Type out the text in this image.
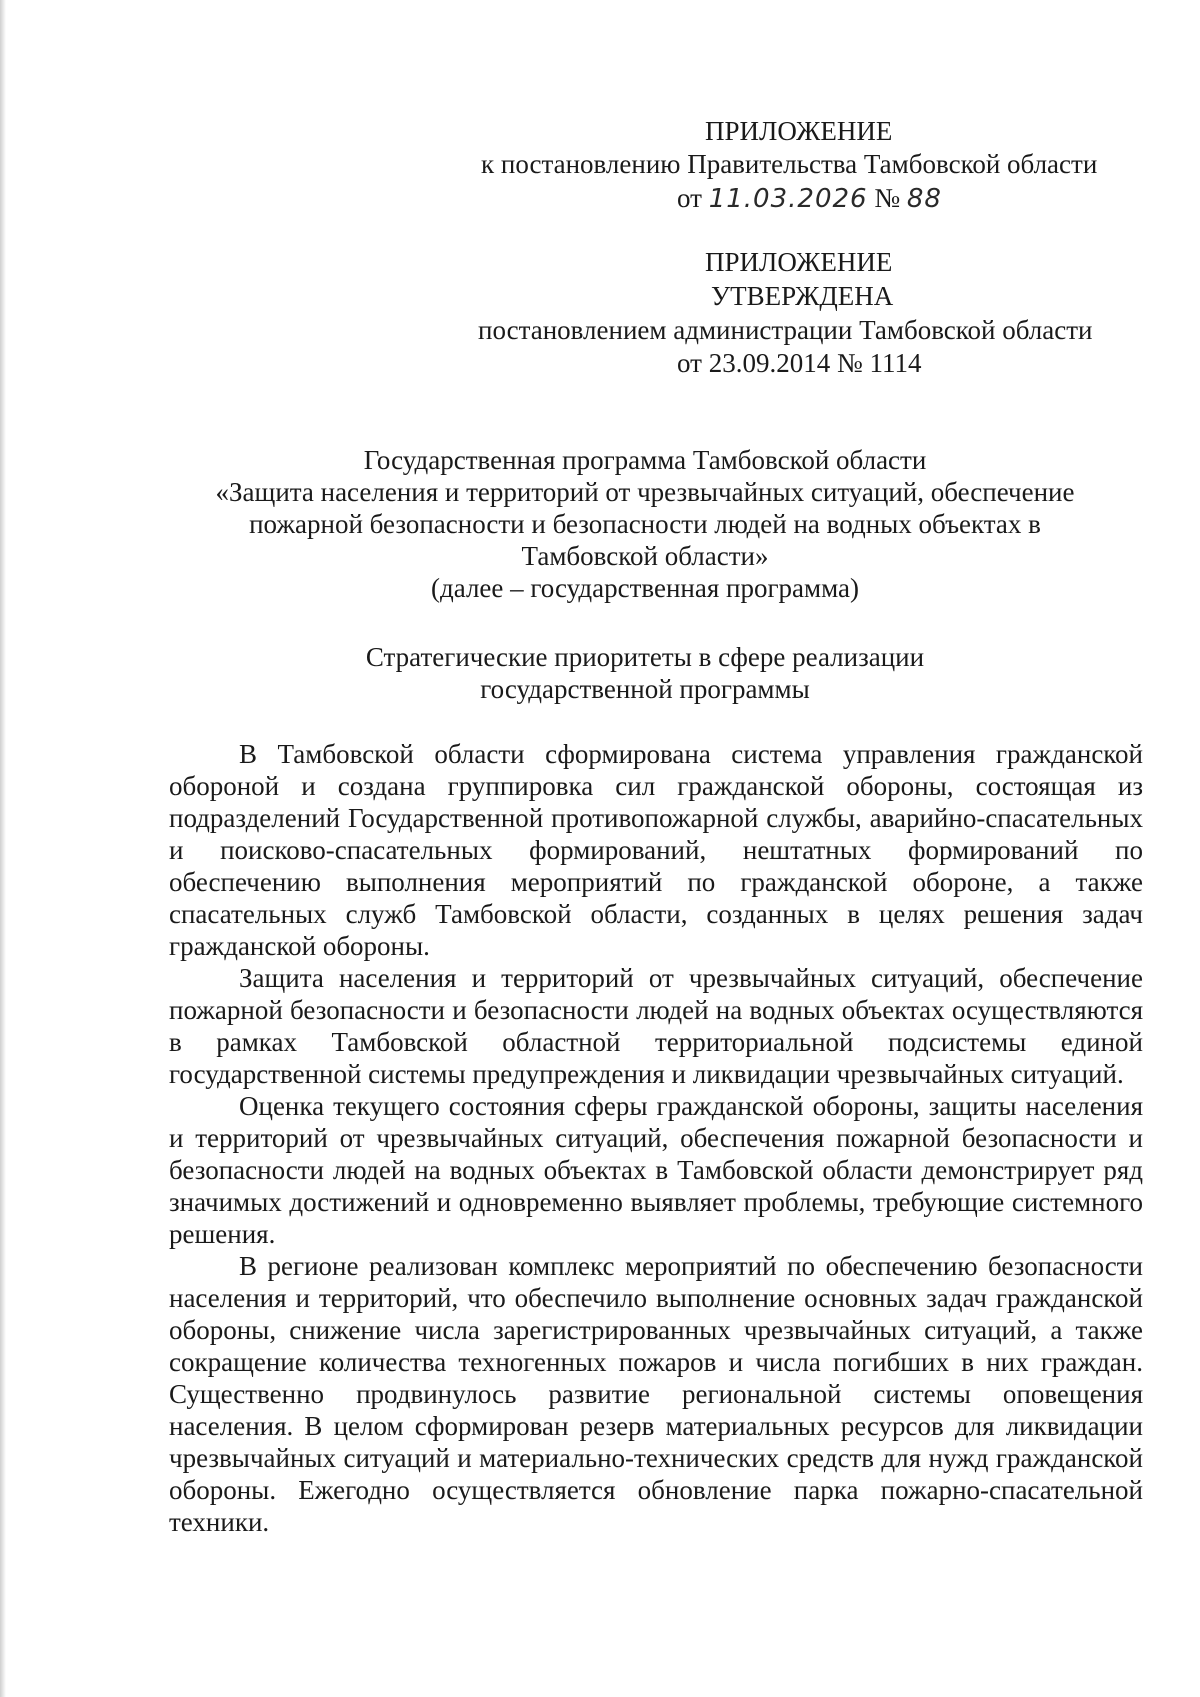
ПРИЛОЖЕНИЕ
к постановлению Правительства Тамбовской области
от 11.03.2026 № 88
ПРИЛОЖЕНИЕ
УТВЕРЖДЕНА
постановлением администрации Тамбовской области
от 23.09.2014 № 1114
Государственная программа Тамбовской области
«Защита населения и территорий от чрезвычайных ситуаций, обеспечение
пожарной безопасности и безопасности людей на водных объектах в
Тамбовской области»
(далее – государственная программа)
Стратегические приоритеты в сфере реализации
государственной программы

В Тамбовской области сформирована система управления гражданской обороной и создана группировка сил гражданской обороны, состоящая из подразделений Государственной противопожарной службы, аварийно-спасательных и поисково-спасательных формирований, нештатных формирований по обеспечению выполнения мероприятий по гражданской обороне, а также спасательных служб Тамбовской области, созданных в целях решения задач гражданской обороны.

Защита населения и территорий от чрезвычайных ситуаций, обеспечение пожарной безопасности и безопасности людей на водных объектах осуществляются в рамках Тамбовской областной территориальной подсистемы единой государственной системы предупреждения и ликвидации чрезвычайных ситуаций.

Оценка текущего состояния сферы гражданской обороны, защиты населения и территорий от чрезвычайных ситуаций, обеспечения пожарной безопасности и безопасности людей на водных объектах в Тамбовской области демонстрирует ряд значимых достижений и одновременно выявляет проблемы, требующие системного решения.

В регионе реализован комплекс мероприятий по обеспечению безопасности населения и территорий, что обеспечило выполнение основных задач гражданской обороны, снижение числа зарегистрированных чрезвычайных ситуаций, а также сокращение количества техногенных пожаров и числа погибших в них граждан. Существенно продвинулось развитие региональной системы оповещения населения. В целом сформирован резерв материальных ресурсов для ликвидации чрезвычайных ситуаций и материально-технических средств для нужд гражданской обороны. Ежегодно осуществляется обновление парка пожарно-спасательной техники.
